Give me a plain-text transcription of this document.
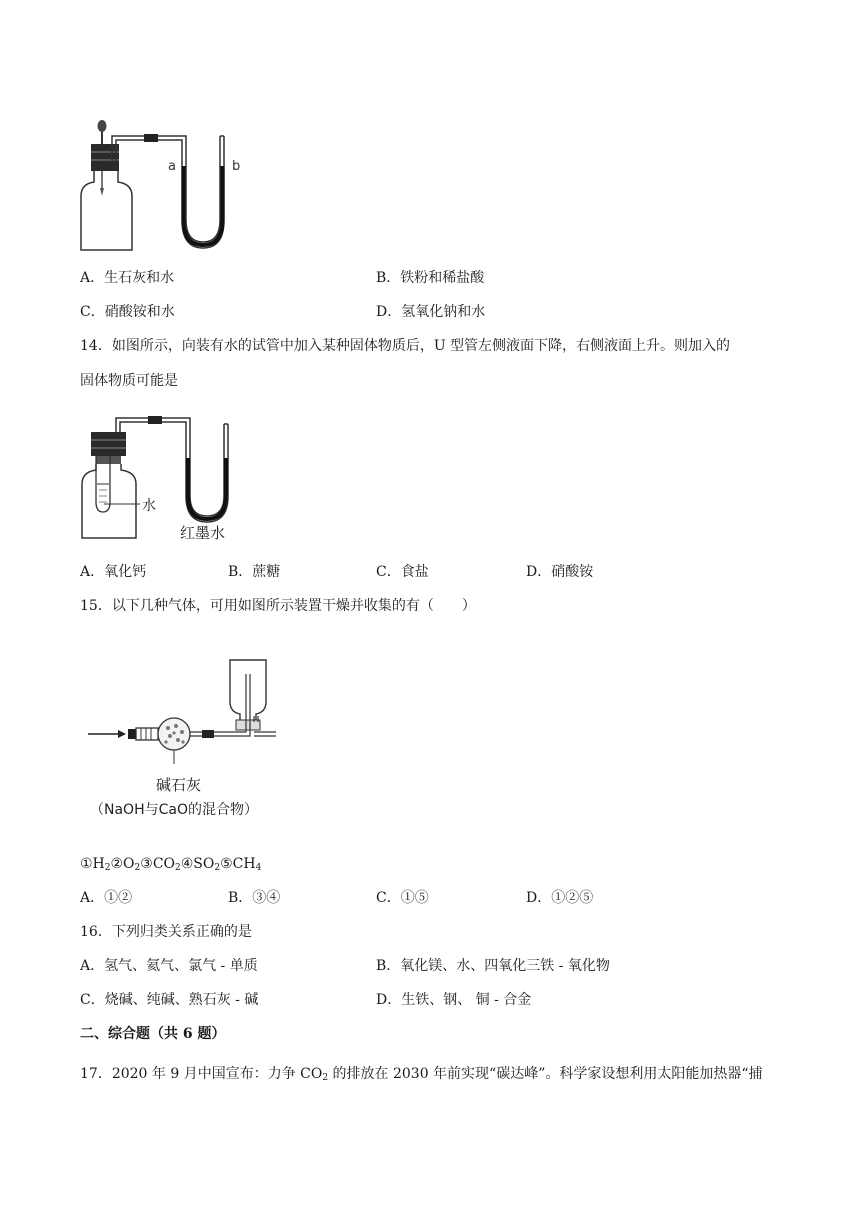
a	b
A．生石灰和水	B．铁粉和稀盐酸
C．硝酸铵和水	D．氢氧化钠和水
14．如图所示，向装有水的试管中加入某种固体物质后，U 型管左侧液面下降，右侧液面上升。则加入的
固体物质可能是
水
红墨水
A．氧化钙	B．蔗糖	C．食盐	D．硝酸铵
15．以下几种气体，可用如图所示装置干燥并收集的有（　　）
碱石灰
（NaOH与CaO的混合物）
$①H_2②O_2③CO_2④SO_2⑤CH_4$
A．①②	B．③④	C．①⑤	D．①②⑤
16．下列归类关系正确的是
A．氢气、氦气、氯气 - 单质	B．氧化镁、水、四氧化三铁 - 氧化物
C．烧碱、纯碱、熟石灰 - 碱	D．生铁、钢、 铜 - 合金
二、综合题（共 6 题）
17．2020 年 9 月中国宣布：力争 $CO_2$ 的排放在 2030 年前实现“碳达峰”。科学家设想利用太阳能加热器“捕
